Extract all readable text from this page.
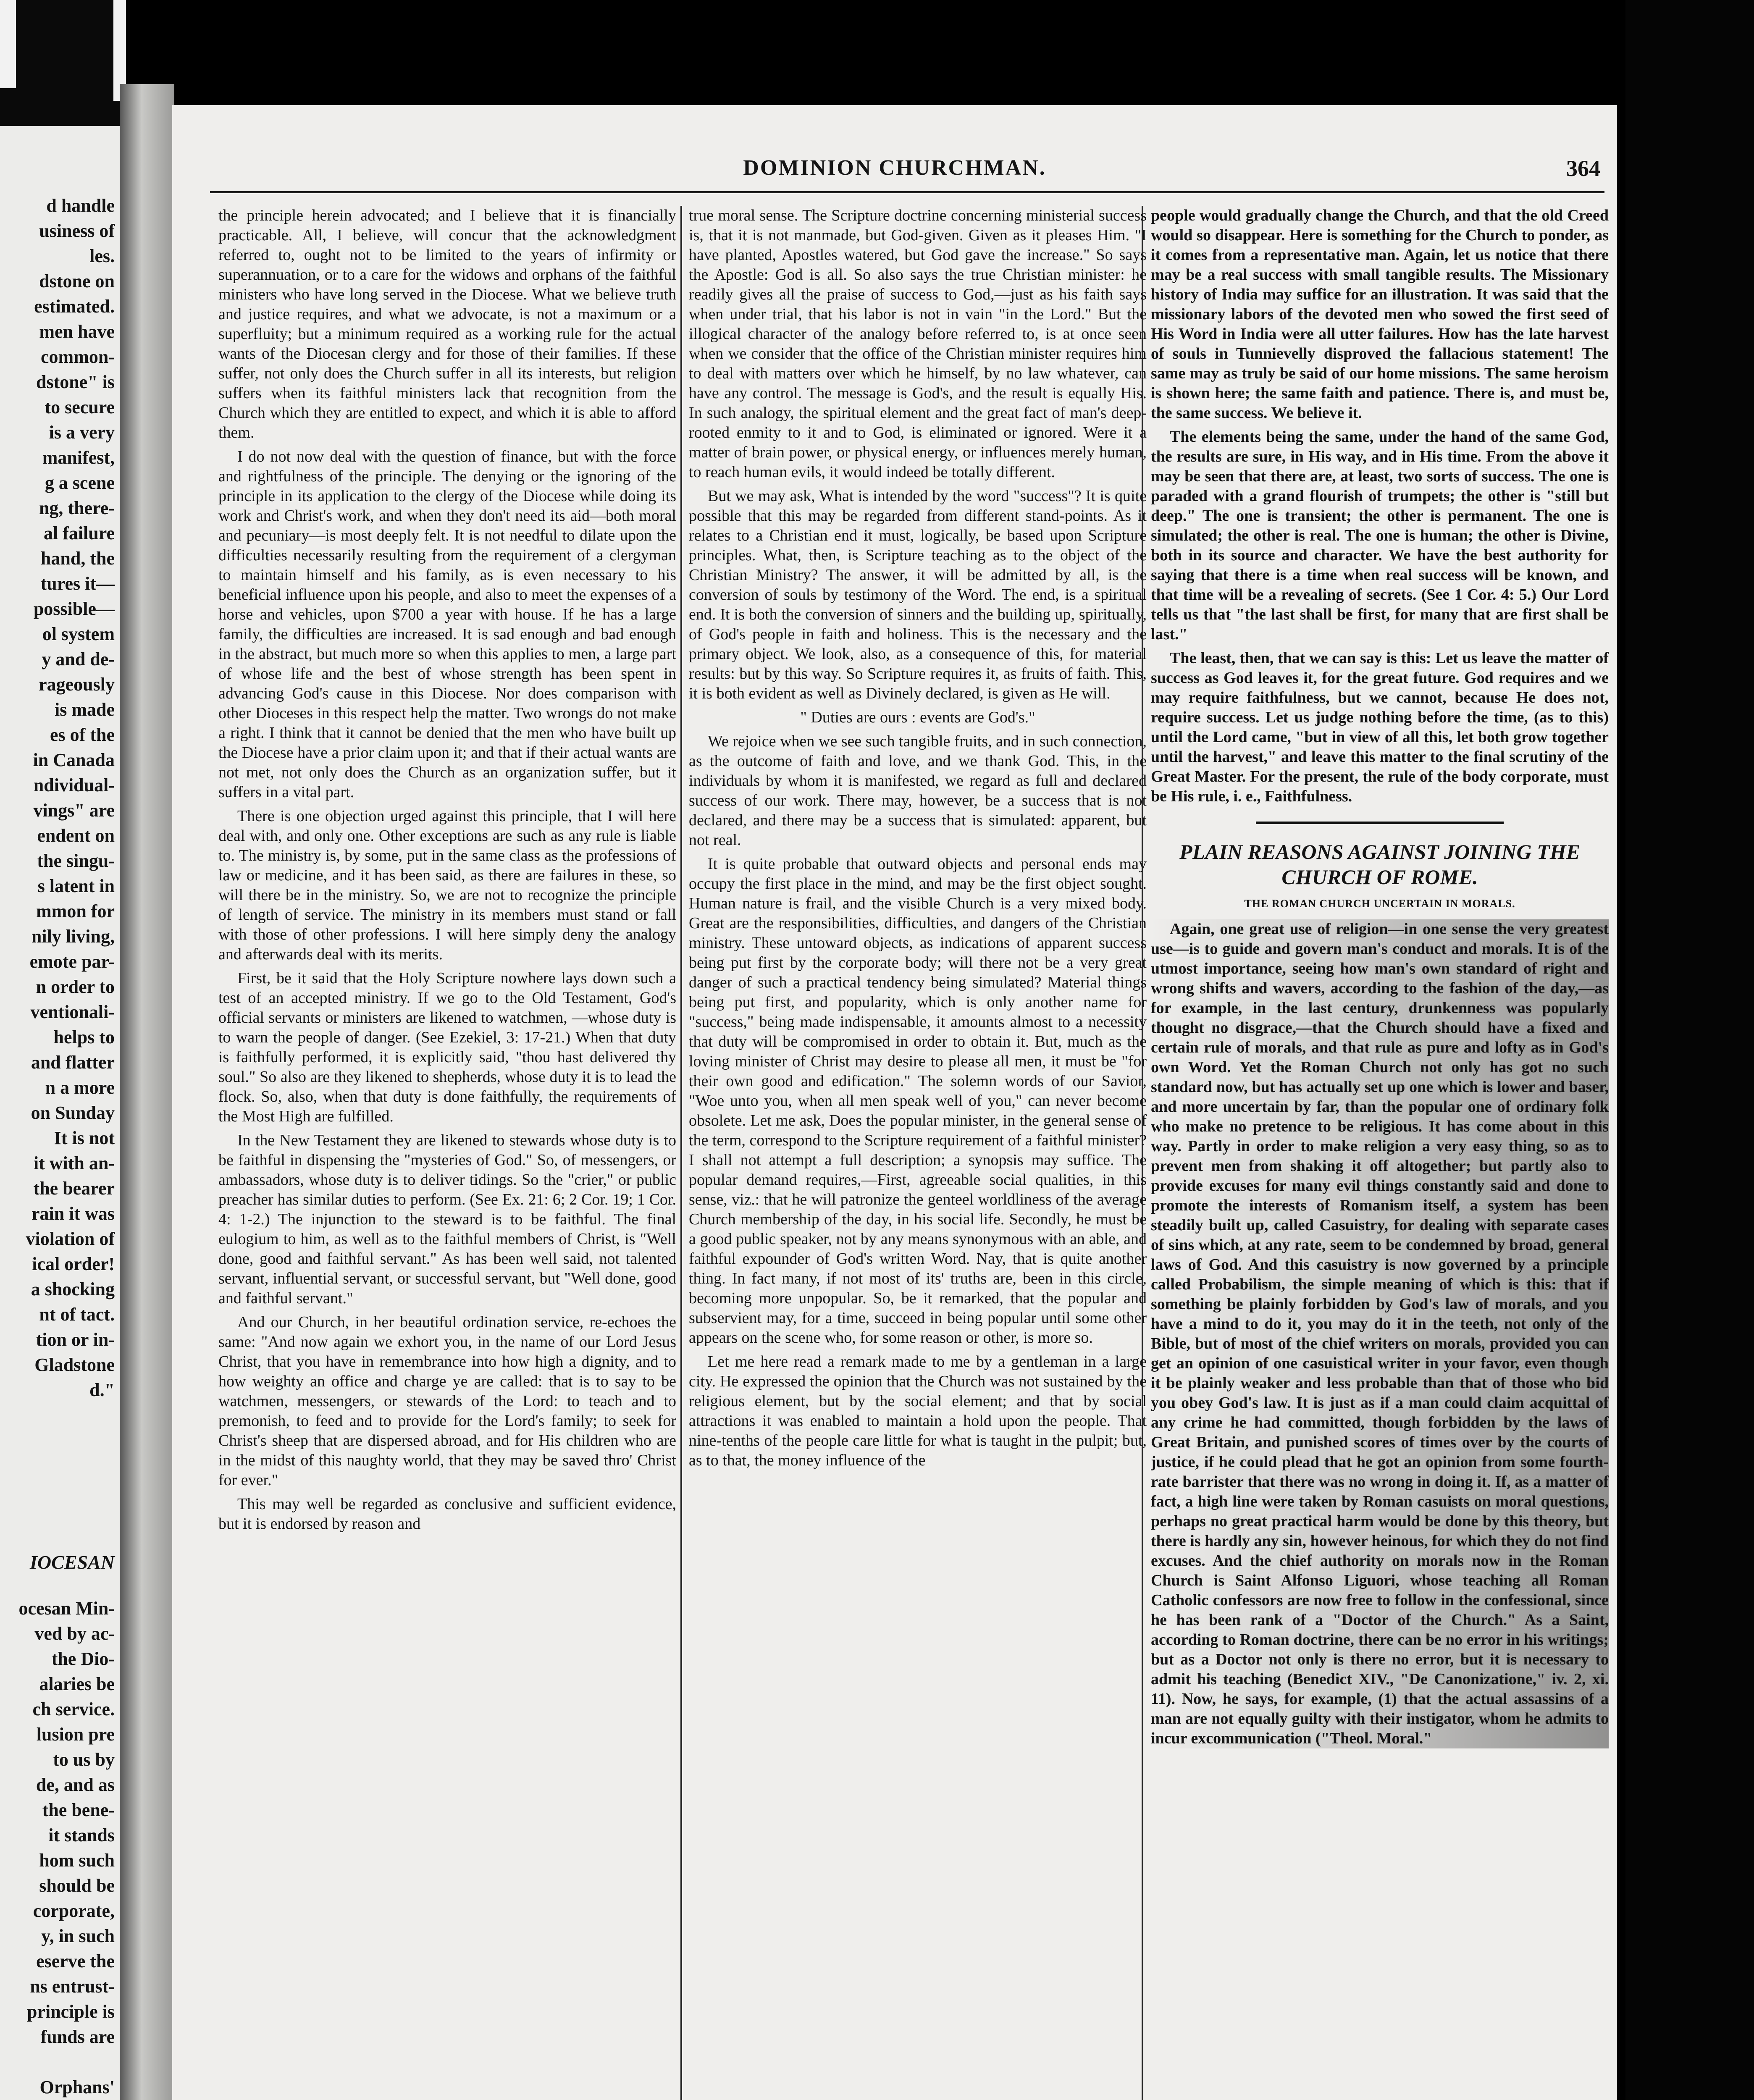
d handle
usiness of
les.
dstone on
estimated.
men have
common-
dstone" is
to secure
is a very
manifest,
g a scene
ng, there-
al failure
hand, the
tures it—
possible—
ol system
y and de-
rageously
is made
es of the
in Canada
ndividual-
vings" are
endent on
the singu-
s latent in
mmon for
nily living,
emote par-
n order to
ventionali-
helps to
and flatter
n a more
on Sunday
It is not
it with an-
the bearer
rain it was
violation of
ical order!
a shocking
nt of tact.
tion or in-
Gladstone
d."
IOCESAN
ocesan Min-
ved by ac-
the Dio-
alaries be
ch service.
lusion pre
to us by
de, and as
the bene-
it stands
hom such
should be
corporate,
y, in such
eserve the
ns entrust-
principle is
funds are

Orphans'
DOMINION CHURCHMAN.	364

the principle herein advocated; and I believe that it is financially practicable. All, I believe, will concur that the acknowledgment referred to, ought not to be limited to the years of infirmity or superannuation, or to a care for the widows and orphans of the faithful ministers who have long served in the Diocese. What we believe truth and justice requires, and what we advocate, is not a maximum or a superfluity; but a minimum required as a working rule for the actual wants of the Diocesan clergy and for those of their families. If these suffer, not only does the Church suffer in all its interests, but religion suffers when its faithful ministers lack that recognition from the Church which they are entitled to expect, and which it is able to afford them.

I do not now deal with the question of finance, but with the force and rightfulness of the principle. The denying or the ignoring of the principle in its application to the clergy of the Diocese while doing its work and Christ's work, and when they don't need its aid—both moral and pecuniary—is most deeply felt. It is not needful to dilate upon the difficulties necessarily resulting from the requirement of a clergyman to maintain himself and his family, as is even necessary to his beneficial influence upon his people, and also to meet the expenses of a horse and vehicles, upon $700 a year with house. If he has a large family, the difficulties are increased. It is sad enough and bad enough in the abstract, but much more so when this applies to men, a large part of whose life and the best of whose strength has been spent in advancing God's cause in this Diocese. Nor does comparison with other Dioceses in this respect help the matter. Two wrongs do not make a right. I think that it cannot be denied that the men who have built up the Diocese have a prior claim upon it; and that if their actual wants are not met, not only does the Church as an organization suffer, but it suffers in a vital part.

There is one objection urged against this principle, that I will here deal with, and only one. Other exceptions are such as any rule is liable to. The ministry is, by some, put in the same class as the professions of law or medicine, and it has been said, as there are failures in these, so will there be in the ministry. So, we are not to recognize the principle of length of service. The ministry in its members must stand or fall with those of other professions. I will here simply deny the analogy and afterwards deal with its merits.

First, be it said that the Holy Scripture nowhere lays down such a test of an accepted ministry. If we go to the Old Testament, God's official servants or ministers are likened to watchmen, —whose duty is to warn the people of danger. (See Ezekiel, 3: 17-21.) When that duty is faithfully performed, it is explicitly said, "thou hast delivered thy soul." So also are they likened to shepherds, whose duty it is to lead the flock. So, also, when that duty is done faithfully, the requirements of the Most High are fulfilled.

In the New Testament they are likened to stewards whose duty is to be faithful in dispensing the "mysteries of God." So, of messengers, or ambassadors, whose duty is to deliver tidings. So the "crier," or public preacher has similar duties to perform. (See Ex. 21: 6; 2 Cor. 19; 1 Cor. 4: 1-2.) The injunction to the steward is to be faithful. The final eulogium to him, as well as to the faithful members of Christ, is "Well done, good and faithful servant." As has been well said, not talented servant, influential servant, or successful servant, but "Well done, good and faithful servant."

And our Church, in her beautiful ordination service, re-echoes the same: "And now again we exhort you, in the name of our Lord Jesus Christ, that you have in remembrance into how high a dignity, and to how weighty an office and charge ye are called: that is to say to be watchmen, messengers, or stewards of the Lord: to teach and to premonish, to feed and to provide for the Lord's family; to seek for Christ's sheep that are dispersed abroad, and for His children who are in the midst of this naughty world, that they may be saved thro' Christ for ever."

This may well be regarded as conclusive and sufficient evidence, but it is endorsed by reason and

true moral sense. The Scripture doctrine concerning ministerial success is, that it is not manmade, but God-given. Given as it pleases Him. "I have planted, Apostles watered, but God gave the increase." So says the Apostle: God is all. So also says the true Christian minister: he readily gives all the praise of success to God,—just as his faith says when under trial, that his labor is not in vain "in the Lord." But the illogical character of the analogy before referred to, is at once seen when we consider that the office of the Christian minister requires him to deal with matters over which he himself, by no law whatever, can have any control. The message is God's, and the result is equally His. In such analogy, the spiritual element and the great fact of man's deep-rooted enmity to it and to God, is eliminated or ignored. Were it a matter of brain power, or physical energy, or influences merely human, to reach human evils, it would indeed be totally different.

But we may ask, What is intended by the word "success"? It is quite possible that this may be regarded from different stand-points. As it relates to a Christian end it must, logically, be based upon Scripture principles. What, then, is Scripture teaching as to the object of the Christian Ministry? The answer, it will be admitted by all, is the conversion of souls by testimony of the Word. The end, is a spiritual end. It is both the conversion of sinners and the building up, spiritually, of God's people in faith and holiness. This is the necessary and the primary object. We look, also, as a consequence of this, for material results: but by this way. So Scripture requires it, as fruits of faith. This, it is both evident as well as Divinely declared, is given as He will.

" Duties are ours : events are God's."

We rejoice when we see such tangible fruits, and in such connection, as the outcome of faith and love, and we thank God. This, in the individuals by whom it is manifested, we regard as full and declared success of our work. There may, however, be a success that is not declared, and there may be a success that is simulated: apparent, but not real.

It is quite probable that outward objects and personal ends may occupy the first place in the mind, and may be the first object sought. Human nature is frail, and the visible Church is a very mixed body. Great are the responsibilities, difficulties, and dangers of the Christian ministry. These untoward objects, as indications of apparent success being put first by the corporate body; will there not be a very great danger of such a practical tendency being simulated? Material things being put first, and popularity, which is only another name for "success," being made indispensable, it amounts almost to a necessity that duty will be compromised in order to obtain it. But, much as the loving minister of Christ may desire to please all men, it must be "for their own good and edification." The solemn words of our Savior, "Woe unto you, when all men speak well of you," can never become obsolete. Let me ask, Does the popular minister, in the general sense of the term, correspond to the Scripture requirement of a faithful minister? I shall not attempt a full description; a synopsis may suffice. The popular demand requires,—First, agreeable social qualities, in this sense, viz.: that he will patronize the genteel worldliness of the average Church membership of the day, in his social life. Secondly, he must be a good public speaker, not by any means synonymous with an able, and faithful expounder of God's written Word. Nay, that is quite another thing. In fact many, if not most of its' truths are, been in this circle, becoming more unpopular. So, be it remarked, that the popular and subservient may, for a time, succeed in being popular until some other appears on the scene who, for some reason or other, is more so.

Let me here read a remark made to me by a gentleman in a large city. He expressed the opinion that the Church was not sustained by the religious element, but by the social element; and that by social attractions it was enabled to maintain a hold upon the people. That nine-tenths of the people care little for what is taught in the pulpit; but, as to that, the money influence of the

people would gradually change the Church, and that the old Creed would so disappear. Here is something for the Church to ponder, as it comes from a representative man. Again, let us notice that there may be a real success with small tangible results. The Missionary history of India may suffice for an illustration. It was said that the missionary labors of the devoted men who sowed the first seed of His Word in India were all utter failures. How has the late harvest of souls in Tunnievelly disproved the fallacious statement! The same may as truly be said of our home missions. The same heroism is shown here; the same faith and patience. There is, and must be, the same success. We believe it.

The elements being the same, under the hand of the same God, the results are sure, in His way, and in His time. From the above it may be seen that there are, at least, two sorts of success. The one is paraded with a grand flourish of trumpets; the other is "still but deep." The one is transient; the other is permanent. The one is simulated; the other is real. The one is human; the other is Divine, both in its source and character. We have the best authority for saying that there is a time when real success will be known, and that time will be a revealing of secrets. (See 1 Cor. 4: 5.) Our Lord tells us that "the last shall be first, for many that are first shall be last."

The least, then, that we can say is this: Let us leave the matter of success as God leaves it, for the great future. God requires and we may require faithfulness, but we cannot, because He does not, require success. Let us judge nothing before the time, (as to this) until the Lord came, "but in view of all this, let both grow together until the harvest," and leave this matter to the final scrutiny of the Great Master. For the present, the rule of the body corporate, must be His rule, i. e., Faithfulness.

PLAIN REASONS AGAINST JOINING THE CHURCH OF ROME.
THE ROMAN CHURCH UNCERTAIN IN MORALS.

Again, one great use of religion—in one sense the very greatest use—is to guide and govern man's conduct and morals. It is of the utmost importance, seeing how man's own standard of right and wrong shifts and wavers, according to the fashion of the day,—as for example, in the last century, drunkenness was popularly thought no disgrace,—that the Church should have a fixed and certain rule of morals, and that rule as pure and lofty as in God's own Word. Yet the Roman Church not only has got no such standard now, but has actually set up one which is lower and baser, and more uncertain by far, than the popular one of ordinary folk who make no pretence to be religious. It has come about in this way. Partly in order to make religion a very easy thing, so as to prevent men from shaking it off altogether; but partly also to provide excuses for many evil things constantly said and done to promote the interests of Romanism itself, a system has been steadily built up, called Casuistry, for dealing with separate cases of sins which, at any rate, seem to be condemned by broad, general laws of God. And this casuistry is now governed by a principle called Probabilism, the simple meaning of which is this: that if something be plainly forbidden by God's law of morals, and you have a mind to do it, you may do it in the teeth, not only of the Bible, but of most of the chief writers on morals, provided you can get an opinion of one casuistical writer in your favor, even though it be plainly weaker and less probable than that of those who bid you obey God's law. It is just as if a man could claim acquittal of any crime he had committed, though forbidden by the laws of Great Britain, and punished scores of times over by the courts of justice, if he could plead that he got an opinion from some fourth-rate barrister that there was no wrong in doing it. If, as a matter of fact, a high line were taken by Roman casuists on moral questions, perhaps no great practical harm would be done by this theory, but there is hardly any sin, however heinous, for which they do not find excuses. And the chief authority on morals now in the Roman Church is Saint Alfonso Liguori, whose teaching all Roman Catholic confessors are now free to follow in the confessional, since he has been rank of a "Doctor of the Church." As a Saint, according to Roman doctrine, there can be no error in his writings; but as a Doctor not only is there no error, but it is necessary to admit his teaching (Benedict XIV., "De Canonizatione," iv. 2, xi. 11). Now, he says, for example, (1) that the actual assassins of a man are not equally guilty with their instigator, whom he admits to incur excommunication ("Theol. Moral."
